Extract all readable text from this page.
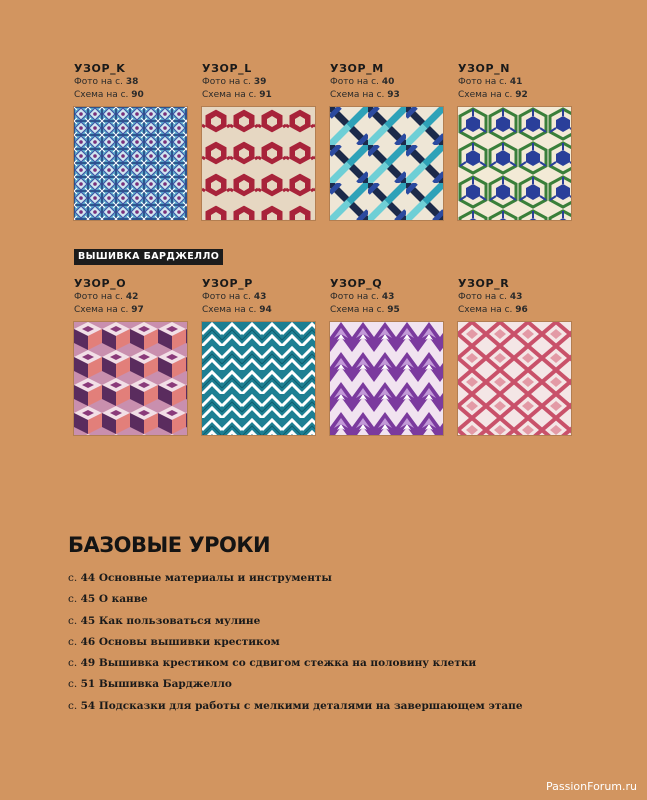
УЗОР_K
Фото на с. 38
Схема на с. 90
УЗОР_L
Фото на с. 39
Схема на с. 91
УЗОР_M
Фото на с. 40
Схема на с. 93
УЗОР_N
Фото на с. 41
Схема на с. 92
ВЫШИВКА БАРДЖЕЛЛО
УЗОР_O
Фото на с. 42
Схема на с. 97
УЗОР_P
Фото на с. 43
Схема на с. 94
УЗОР_Q
Фото на с. 43
Схема на с. 95
УЗОР_R
Фото на с. 43
Схема на с. 96
БАЗОВЫЕ УРОКИ
с. 44 Основные материалы и инструменты
с. 45 О канве
с. 45 Как пользоваться мулине
с. 46 Основы вышивки крестиком
с. 49 Вышивка крестиком со сдвигом стежка на половину клетки
с. 51 Вышивка Барджелло
с. 54 Подсказки для работы с мелкими деталями на завершающем этапе
PassionForum.ru
